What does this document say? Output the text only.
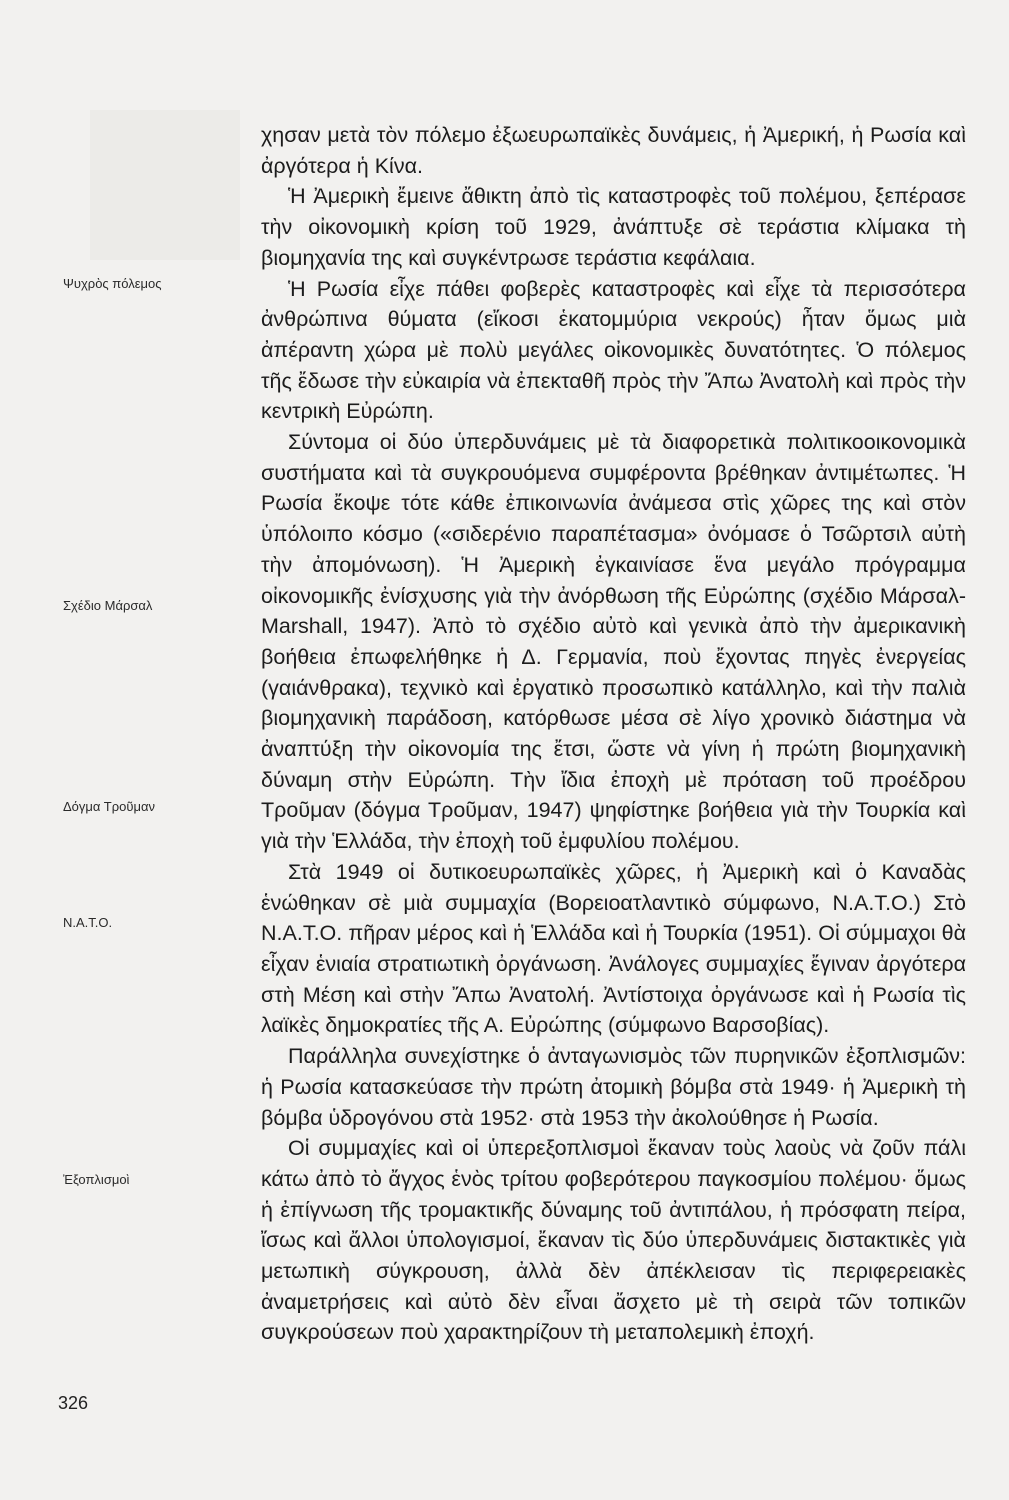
Ψυχρὸς πόλεμος
Σχέδιο Μάρσαλ
Δόγμα Τροῦμαν
Ν.Α.Τ.Ο.
Ἐξοπλισμοὶ

χησαν μετὰ τὸν πόλεμο ἐξωευρωπαϊκὲς δυνάμεις, ἡ Ἀμερική, ἡ Ρωσία καὶ ἀργότερα ἡ Κίνα.

Ἡ Ἀμερικὴ ἔμεινε ἄθικτη ἀπὸ τὶς καταστροφὲς τοῦ πολέμου, ξεπέρασε τὴν οἰκονομικὴ κρίση τοῦ 1929, ἀνάπτυξε σὲ τεράστια κλίμακα τὴ βιομηχανία της καὶ συγκέντρωσε τεράστια κεφάλαια.

Ἡ Ρωσία εἶχε πάθει φοβερὲς καταστροφὲς καὶ εἶχε τὰ περισσότερα ἀνθρώπινα θύματα (εἴκοσι ἑκατομμύρια νεκρούς) ἦταν ὅμως μιὰ ἀπέραντη χώρα μὲ πολὺ μεγάλες οἰκονομικὲς δυνατότητες. Ὁ πόλεμος τῆς ἔδωσε τὴν εὐκαιρία νὰ ἐπεκταθῆ πρὸς τὴν Ἄπω Ἀνατολὴ καὶ πρὸς τὴν κεντρικὴ Εὐρώπη.

Σύντομα οἱ δύο ὑπερδυνάμεις μὲ τὰ διαφορετικὰ πολιτικοοικονομικὰ συστήματα καὶ τὰ συγκρουόμενα συμφέροντα βρέθηκαν ἀντιμέτωπες. Ἡ Ρωσία ἔκοψε τότε κάθε ἐπικοινωνία ἀνάμεσα στὶς χῶρες της καὶ στὸν ὑπόλοιπο κόσμο («σιδερένιο παραπέτασμα» ὀνόμασε ὁ Τσῶρτσιλ αὐτὴ τὴν ἀπομόνωση). Ἡ Ἀμερικὴ ἐγκαινίασε ἕνα μεγάλο πρόγραμμα οἰκονομικῆς ἐνίσχυσης γιὰ τὴν ἀνόρθωση τῆς Εὐρώπης (σχέδιο Μάρσαλ-Marshall, 1947). Ἀπὸ τὸ σχέδιο αὐτὸ καὶ γενικὰ ἀπὸ τὴν ἀμερικανικὴ βοήθεια ἐπωφελήθηκε ἡ Δ. Γερμανία, ποὺ ἔχοντας πηγὲς ἐνεργείας (γαιάνθρακα), τεχνικὸ καὶ ἐργατικὸ προσωπικὸ κατάλληλο, καὶ τὴν παλιὰ βιομηχανικὴ παράδοση, κατόρθωσε μέσα σὲ λίγο χρονικὸ διάστημα νὰ ἀναπτύξη τὴν οἰκονομία της ἔτσι, ὥστε νὰ γίνη ἡ πρώτη βιομηχανικὴ δύναμη στὴν Εὐρώπη. Τὴν ἴδια ἐποχὴ μὲ πρόταση τοῦ προέδρου Τροῦμαν (δόγμα Τροῦμαν, 1947) ψηφίστηκε βοήθεια γιὰ τὴν Τουρκία καὶ γιὰ τὴν Ἑλλάδα, τὴν ἐποχὴ τοῦ ἐμφυλίου πολέμου.

Στὰ 1949 οἱ δυτικοευρωπαϊκὲς χῶρες, ἡ Ἀμερικὴ καὶ ὁ Καναδὰς ἑνώθηκαν σὲ μιὰ συμμαχία (Βορειοατλαντικὸ σύμφωνο, Ν.Α.Τ.Ο.) Στὸ Ν.Α.Τ.Ο. πῆραν μέρος καὶ ἡ Ἑλλάδα καὶ ἡ Τουρκία (1951). Οἱ σύμμαχοι θὰ εἶχαν ἑνιαία στρατιωτικὴ ὀργάνωση. Ἀνάλογες συμμαχίες ἔγιναν ἀργότερα στὴ Μέση καὶ στὴν Ἄπω Ἀνατολή. Ἀντίστοιχα ὀργάνωσε καὶ ἡ Ρωσία τὶς λαϊκὲς δημοκρατίες τῆς Α. Εὐρώπης (σύμφωνο Βαρσοβίας).

Παράλληλα συνεχίστηκε ὁ ἀνταγωνισμὸς τῶν πυρηνικῶν ἐξοπλισμῶν: ἡ Ρωσία κατασκεύασε τὴν πρώτη ἀτομικὴ βόμβα στὰ 1949· ἡ Ἀμερικὴ τὴ βόμβα ὑδρογόνου στὰ 1952· στὰ 1953 τὴν ἀκολούθησε ἡ Ρωσία.

Οἱ συμμαχίες καὶ οἱ ὑπερεξοπλισμοὶ ἔκαναν τοὺς λαοὺς νὰ ζοῦν πάλι κάτω ἀπὸ τὸ ἄγχος ἑνὸς τρίτου φοβερότερου παγκοσμίου πολέμου· ὅμως ἡ ἐπίγνωση τῆς τρομακτικῆς δύναμης τοῦ ἀντιπάλου, ἡ πρόσφατη πείρα, ἴσως καὶ ἄλλοι ὑπολογισμοί, ἔκαναν τὶς δύο ὑπερδυνάμεις διστακτικὲς γιὰ μετωπικὴ σύγκρουση, ἀλλὰ δὲν ἀπέκλεισαν τὶς περιφερειακὲς ἀναμετρήσεις καὶ αὐτὸ δὲν εἶναι ἄσχετο μὲ τὴ σειρὰ τῶν τοπικῶν συγκρούσεων ποὺ χαρακτηρίζουν τὴ μεταπολεμικὴ ἐποχή.

326
